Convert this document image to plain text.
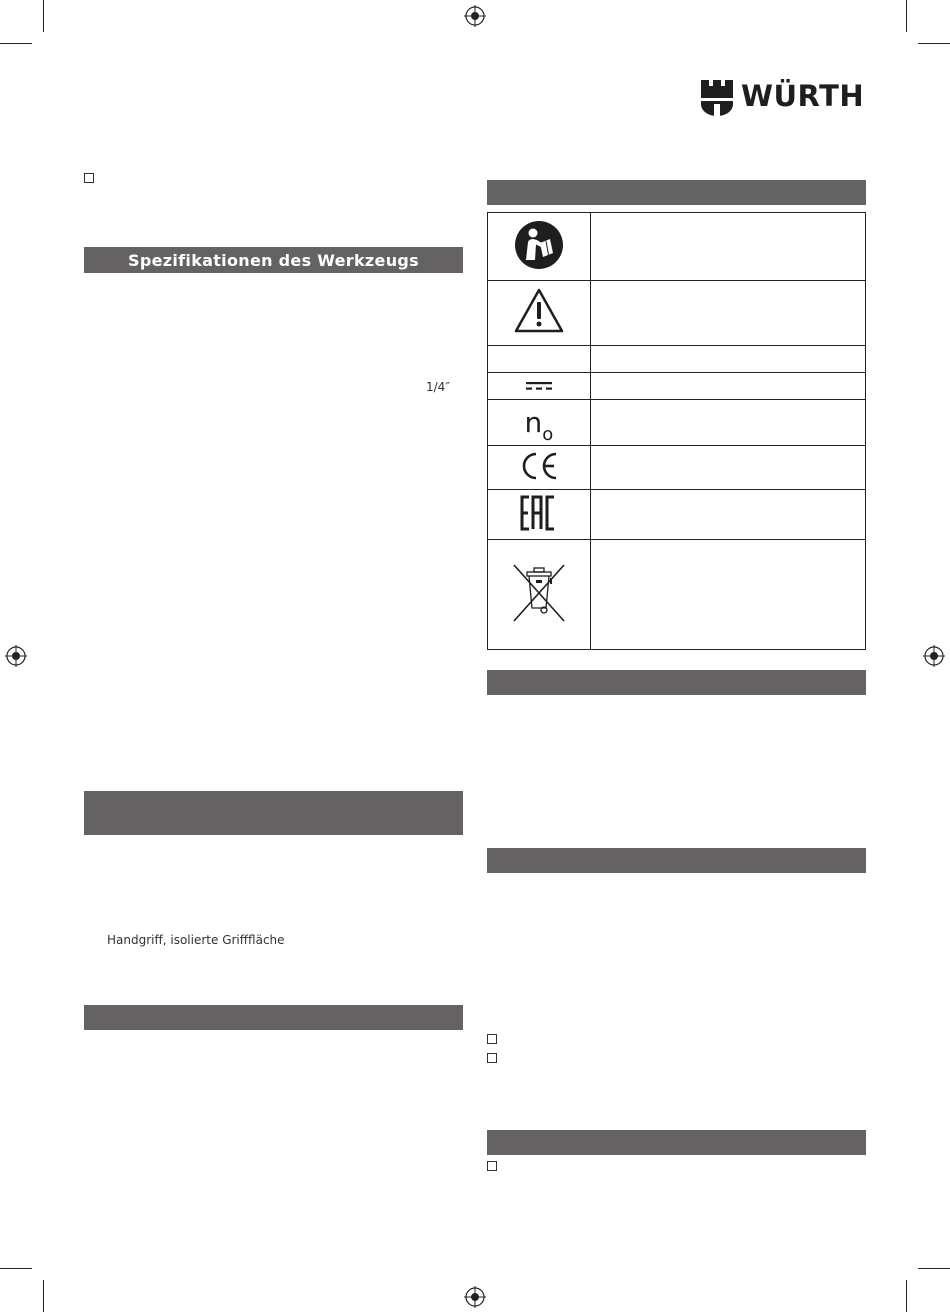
WÜRTH
Spezifikationen des Werkzeugs
1/4″
Handgriff, isolierte Grifffläche

no	
